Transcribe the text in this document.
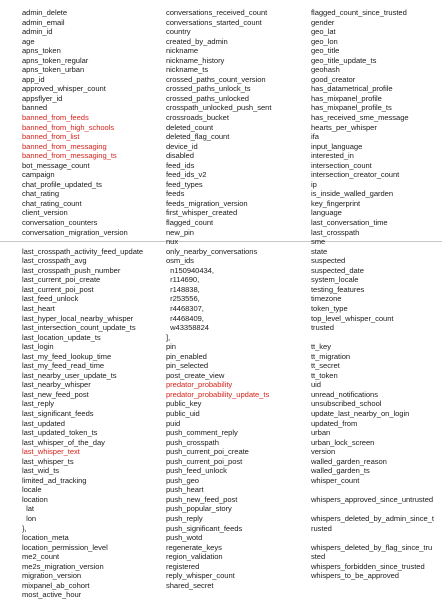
admin_delete
admin_email
admin_id
age
apns_token
apns_token_regular
apns_token_urban
app_id
approved_whisper_count
appsflyer_id
banned
banned_from_feeds
banned_from_high_schools
banned_from_list
banned_from_messaging
banned_from_messaging_ts
bot_message_count
campaign
chat_profile_updated_ts
chat_rating
chat_rating_count
client_version
conversation_counters
conversation_migration_version
last_crosspath_activity_feed_update
last_crosspath_avg
last_crosspath_push_number
last_current_poi_create
last_current_poi_post
last_feed_unlock
last_heart
last_hyper_local_nearby_whisper
last_intersection_count_update_ts
last_location_update_ts
last_login
last_my_feed_lookup_time
last_my_feed_read_time
last_nearby_user_update_ts
last_nearby_whisper
last_new_feed_post
last_reply
last_significant_feeds
last_updated
last_updated_token_ts
last_whisper_of_the_day
last_whisper_text
last_whisper_ts
last_wid_ts
limited_ad_tracking
locale
location
lat
lon
},
location_meta
location_permission_level
me2_count
me2s_migration_version
migration_version
mixpanel_ab_cohort
most_active_hour
conversations_received_count
conversations_started_count
country
created_by_admin
nickname
nickname_history
nickname_ts
crossed_paths_count_version
crossed_paths_unlock_ts
crossed_paths_unlocked
crosspath_unlocked_push_sent
crossroads_bucket
deleted_count
deleted_flag_count
device_id
disabled
feed_ids
feed_ids_v2
feed_types
feeds
feeds_migration_version
first_whisper_created
flagged_count
new_pin
nux
only_nearby_conversations
osm_ids
n150940434,
r114690,
r148838,
r253556,
r4468307,
r4468409,
w43358824
],
pin
pin_enabled
pin_selected
post_create_view
predator_probability
predator_probability_update_ts
public_key
public_uid
puid
push_comment_reply
push_crosspath
push_current_poi_create
push_current_poi_post
push_feed_unlock
push_geo
push_heart
push_new_feed_post
push_popular_story
push_reply
push_significant_feeds
push_wotd
regenerate_keys
region_validation
registered
reply_whisper_count
shared_secret
flagged_count_since_trusted
gender
geo_lat
geo_lon
geo_title
geo_title_update_ts
geohash
good_creator
has_datametrical_profile
has_mixpanel_profile
has_mixpanel_profile_ts
has_received_sme_message
hearts_per_whisper
ifa
input_language
interested_in
intersection_count
intersection_creator_count
ip
is_inside_walled_garden
key_fingerprint
language
last_conversation_time
last_crosspath
sme
state
suspected
suspected_date
system_locale
testing_features
timezone
token_type
top_level_whisper_count
trusted
tt_key
tt_migration
tt_secret
tt_token
uid
unread_notifications
unsubscribed_school
update_last_nearby_on_login
updated_from
urban
urban_lock_screen
version
walled_garden_reason
walled_garden_ts
whisper_count
whispers_approved_since_untrusted
whispers_deleted_by_admin_since_t
rusted
whispers_deleted_by_flag_since_tru
sted
whispers_forbidden_since_trusted
whispers_to_be_approved
